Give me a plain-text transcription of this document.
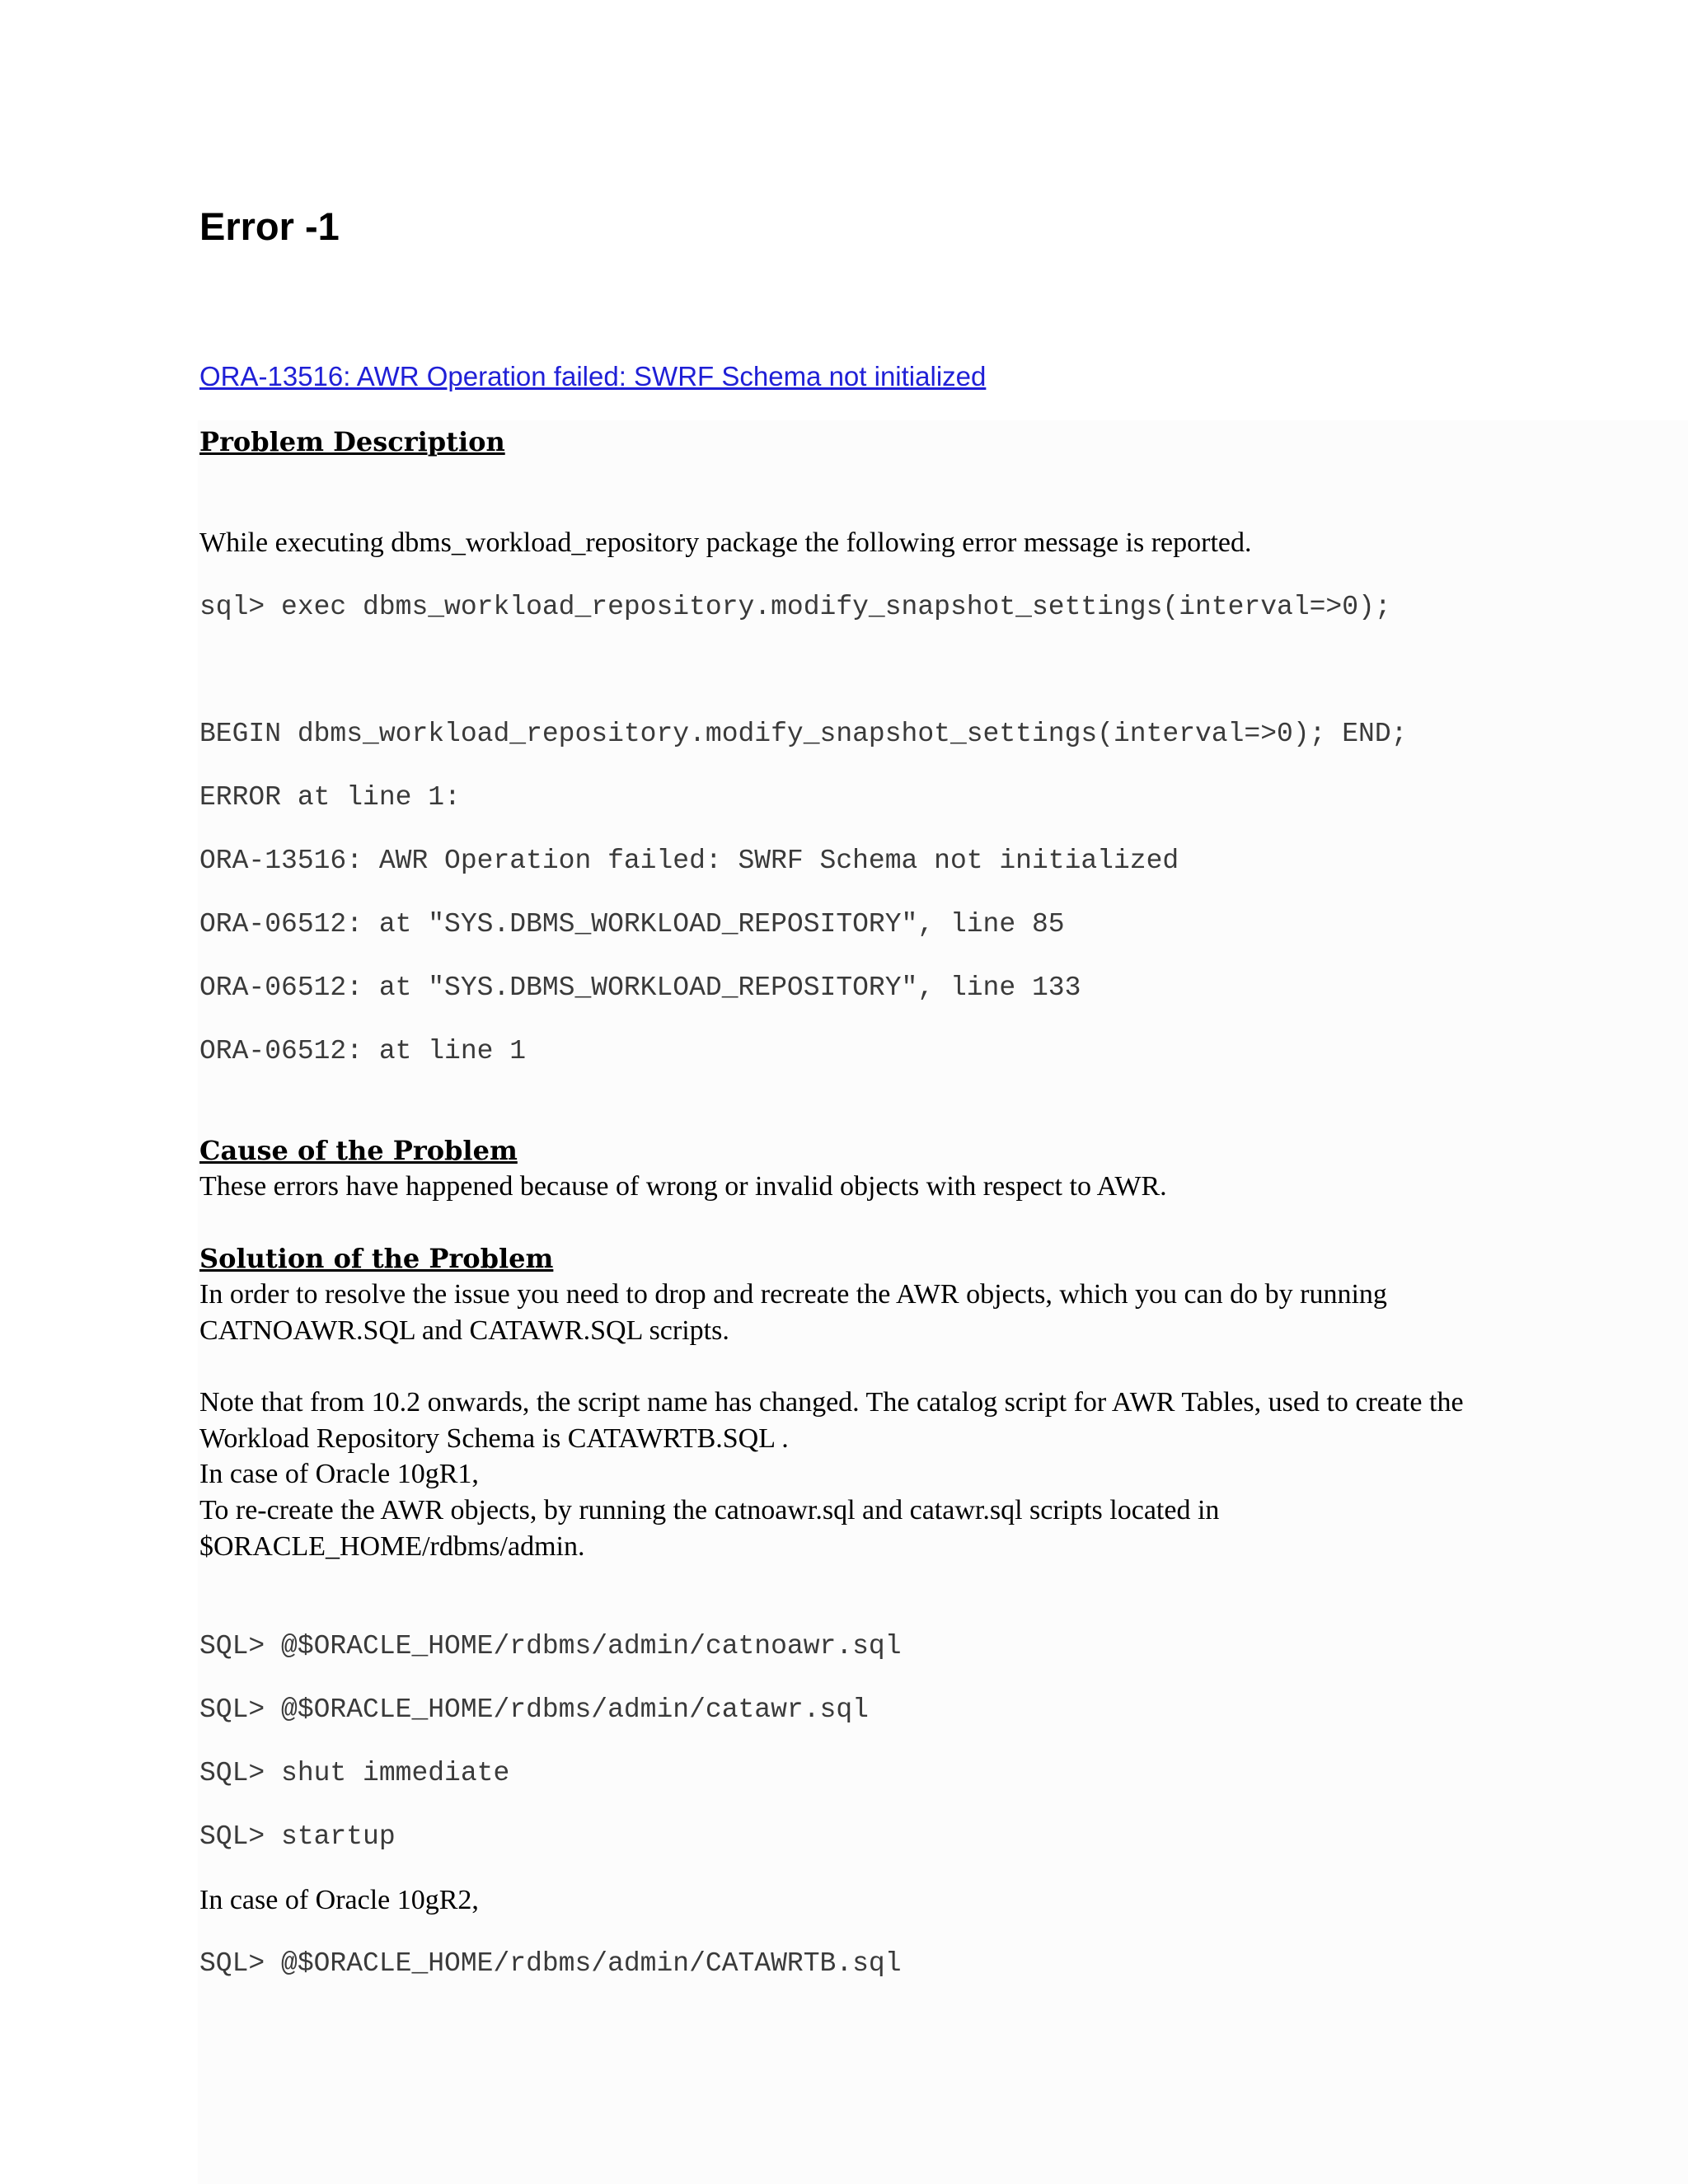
Error -1
ORA-13516: AWR Operation failed: SWRF Schema not initialized
Problem Description

While executing dbms_workload_repository package the following error message is reported.

sql> exec dbms_workload_repository.modify_snapshot_settings(interval=>0);
BEGIN dbms_workload_repository.modify_snapshot_settings(interval=>0); END;
ERROR at line 1:
ORA-13516: AWR Operation failed: SWRF Schema not initialized
ORA-06512: at "SYS.DBMS_WORKLOAD_REPOSITORY", line 85
ORA-06512: at "SYS.DBMS_WORKLOAD_REPOSITORY", line 133
ORA-06512: at line 1
Cause of the Problem

These errors have happened because of wrong or invalid objects with respect to AWR.

Solution of the Problem

In order to resolve the issue you need to drop and recreate the AWR objects, which you can do by running CATNOAWR.SQL and CATAWR.SQL scripts.

Note that from 10.2 onwards, the script name has changed. The catalog script for AWR Tables, used to create the Workload Repository Schema is CATAWRTB.SQL .

In case of Oracle 10gR1,

To re-create the AWR objects, by running the catnoawr.sql and catawr.sql scripts located in $ORACLE_HOME/rdbms/admin.

SQL> @$ORACLE_HOME/rdbms/admin/catnoawr.sql
SQL> @$ORACLE_HOME/rdbms/admin/catawr.sql
SQL> shut immediate
SQL> startup

In case of Oracle 10gR2,

SQL> @$ORACLE_HOME/rdbms/admin/CATAWRTB.sql
